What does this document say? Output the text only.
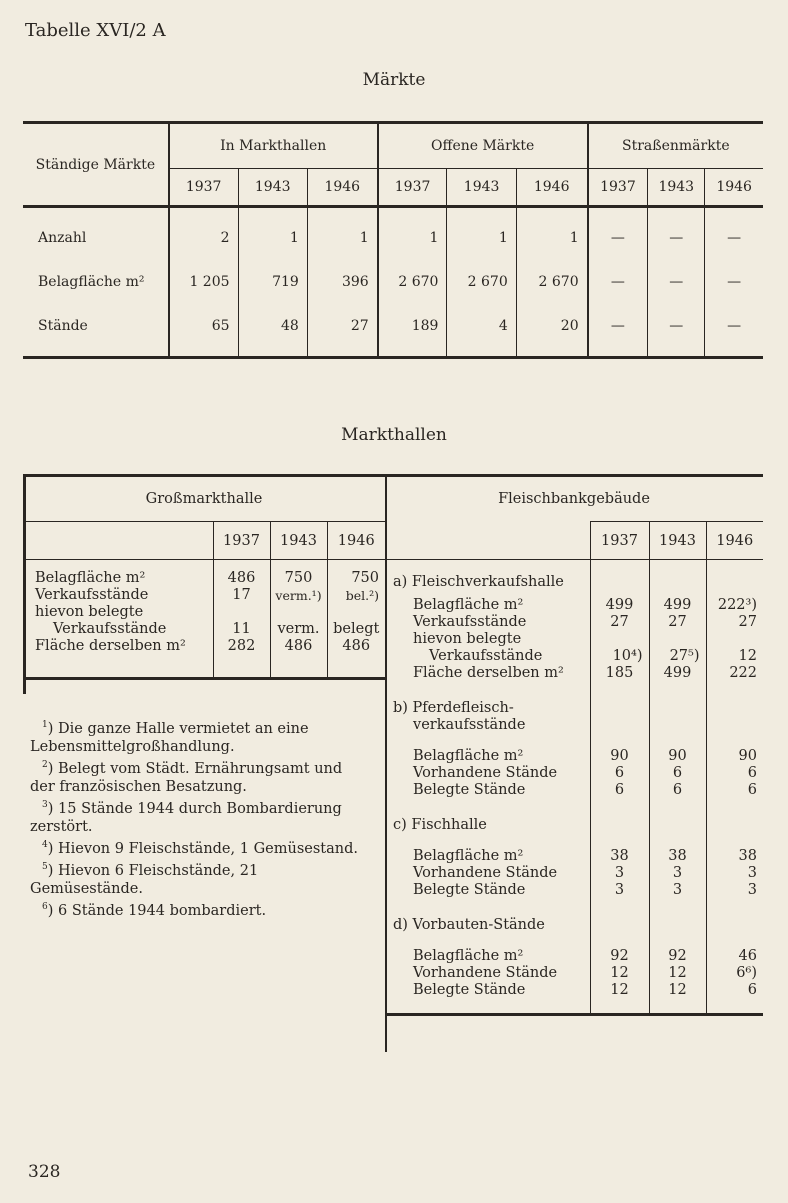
Tabelle XVI/2 A
Märkte
Ständige Märkte	In Markthallen			Offene Märkte			Straßenmärkte		
	1937	1943	1946	1937	1943	1946	1937	1943	1946

Anzahl	2	1	1	1	1	1	—	—	—
Belagfläche m²	1 205	719	396	2 670	2 670	2 670	—	—	—
Stände	65	48	27	189	4	20	—	—	—

Markthallen
Großmarkthalle			
	1937	1943	1946

Belagfläche m²	486	750	750
Verkaufsstände	17	verm.¹)	bel.²)
hievon belegte			
Verkaufsstände	11	verm.	belegt
Fläche derselben m²	282	486	486

Fleischbankgebäude			
	1937	1943	1946

a) Fleischverkaufshalle			

Belagfläche m²	499	499	222³)
Verkaufsstände	27	27	27
hievon belegte			
Verkaufsstände	10⁴)	27⁵)	12
Fläche derselben m²	185	499	222

b) Pferdefleisch-			
verkaufsstände			

Belagfläche m²	90	90	90
Vorhandene Stände	6	6	6
Belegte Stände	6	6	6

c) Fischhalle			

Belagfläche m²	38	38	38
Vorhandene Stände	3	3	3
Belegte Stände	3	3	3

d) Vorbauten-Stände			

Belagfläche m²	92	92	46
Vorhandene Stände	12	12	6⁶)
Belegte Stände	12	12	6

$^1$) Die ganze Halle vermietet an eine Lebensmittelgroßhandlung.

$^2$) Belegt vom Städt. Ernährungsamt und der französischen Besatzung.

$^3$) 15 Stände 1944 durch Bombardierung zerstört.

$^4$) Hievon 9 Fleischstände, 1 Gemüsestand.

$^5$) Hievon 6 Fleischstände, 21 Gemüsestände.

$^6$) 6 Stände 1944 bombardiert.

328
